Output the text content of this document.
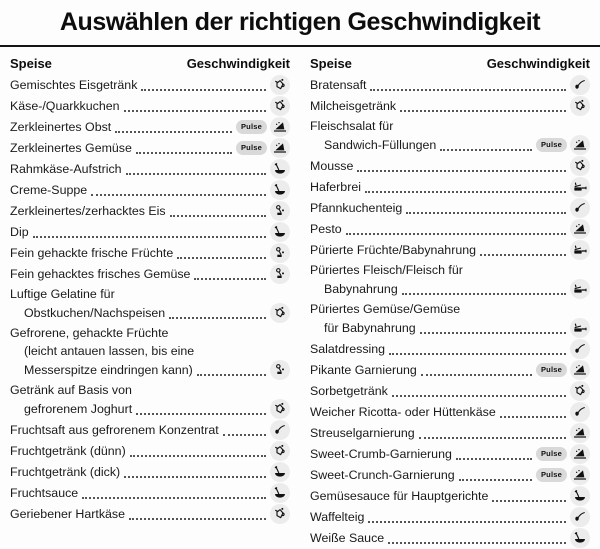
Auswählen der richtigen Geschwindigkeit
Speise	Geschwindigkeit
Gemischtes Eisgetränk
Käse-/Quarkkuchen
Zerkleinertes Obst	Pulse
Zerkleinertes Gemüse	Pulse
Rahmkäse-Aufstrich
Creme-Suppe
Zerkleinertes/zerhacktes Eis
Dip
Fein gehackte frische Früchte
Fein gehacktes frisches Gemüse
Luftige Gelatine für
Obstkuchen/Nachspeisen
Gefrorene, gehackte Früchte
(leicht antauen lassen, bis eine
Messerspitze eindringen kann)
Getränk auf Basis von
gefrorenem Joghurt
Fruchtsaft aus gefrorenem Konzentrat
Fruchtgetränk (dünn)
Fruchtgetränk (dick)
Fruchtsauce
Geriebener Hartkäse
Speise	Geschwindigkeit
Bratensaft
Milcheisgetränk
Fleischsalat für
Sandwich-Füllungen	Pulse
Mousse
Haferbrei
Pfannkuchenteig
Pesto
Pürierte Früchte/Babynahrung
Püriertes Fleisch/Fleisch für
Babynahrung
Püriertes Gemüse/Gemüse
für Babynahrung
Salatdressing
Pikante Garnierung	Pulse
Sorbetgetränk
Weicher Ricotta- oder Hüttenkäse
Streuselgarnierung
Sweet-Crumb-Garnierung	Pulse
Sweet-Crunch-Garnierung	Pulse
Gemüsesauce für Hauptgerichte
Waffelteig
Weiße Sauce
